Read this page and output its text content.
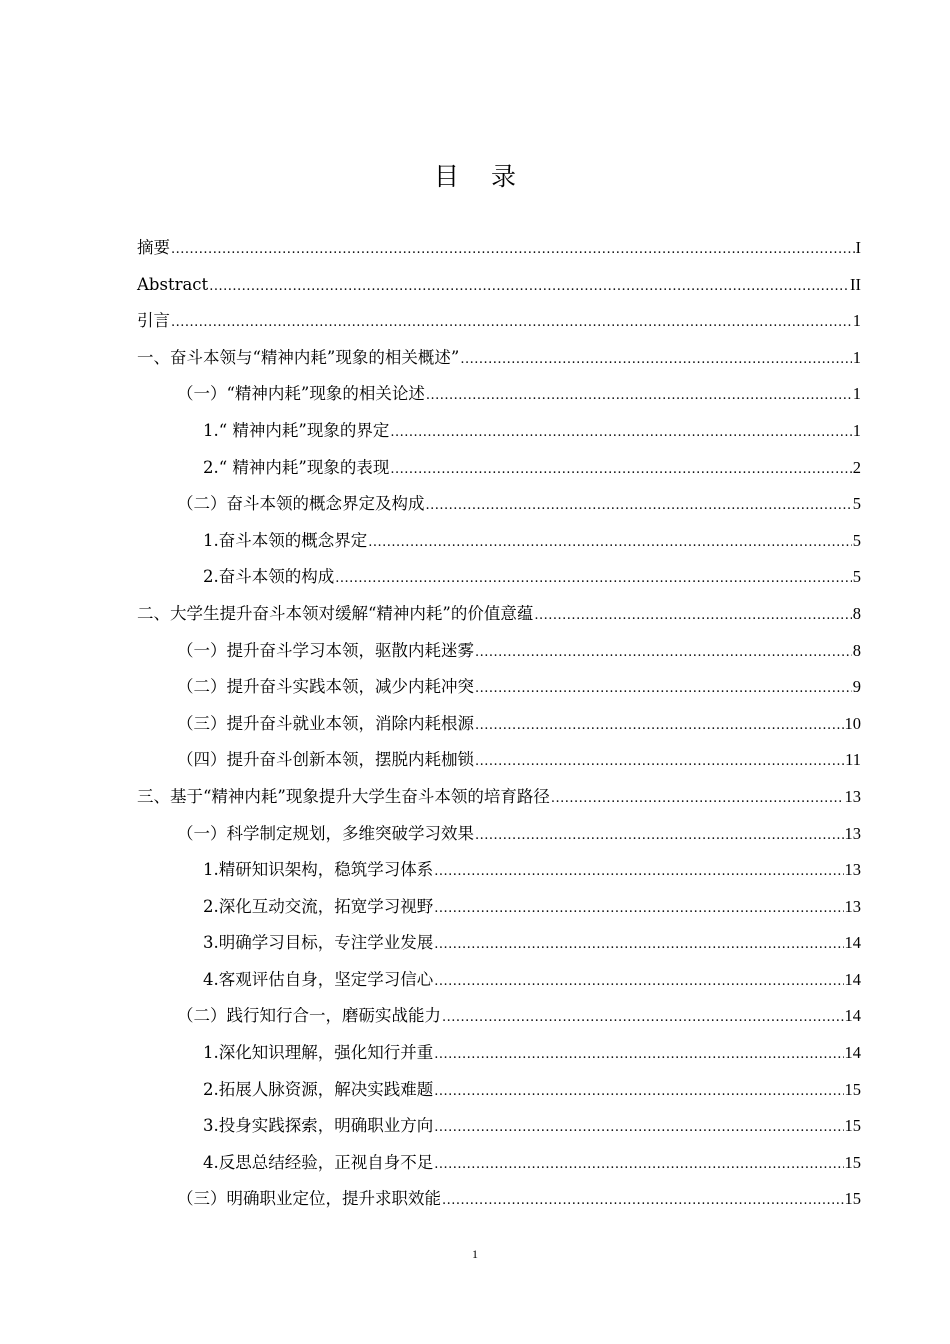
目 录
摘要 .....	I
Abstract .....	II
引言 .....	1
一、奋斗本领与“精神内耗”现象的相关概述” .....	1
（一）“精神内耗”现象的相关论述 .....	1
1.“ 精神内耗”现象的界定 .....	1
2.“ 精神内耗”现象的表现 .....	2
（二）奋斗本领的概念界定及构成 .....	5
1.奋斗本领的概念界定 .....	5
2.奋斗本领的构成 .....	5
二、大学生提升奋斗本领对缓解“精神内耗”的价值意蕴 .....	8
（一）提升奋斗学习本领，驱散内耗迷雾 .....	8
（二）提升奋斗实践本领，减少内耗冲突 .....	9
（三）提升奋斗就业本领，消除内耗根源 .....	10
（四）提升奋斗创新本领，摆脱内耗枷锁 .....	11
三、基于“精神内耗”现象提升大学生奋斗本领的培育路径 .....	13
（一）科学制定规划，多维突破学习效果 .....	13
1.精研知识架构，稳筑学习体系 .....	13
2.深化互动交流，拓宽学习视野 .....	13
3.明确学习目标，专注学业发展 .....	14
4.客观评估自身，坚定学习信心 .....	14
（二）践行知行合一，磨砺实战能力 .....	14
1.深化知识理解，强化知行并重 .....	14
2.拓展人脉资源，解决实践难题 .....	15
3.投身实践探索，明确职业方向 .....	15
4.反思总结经验，正视自身不足 .....	15
（三）明确职业定位，提升求职效能 .....	15
1
